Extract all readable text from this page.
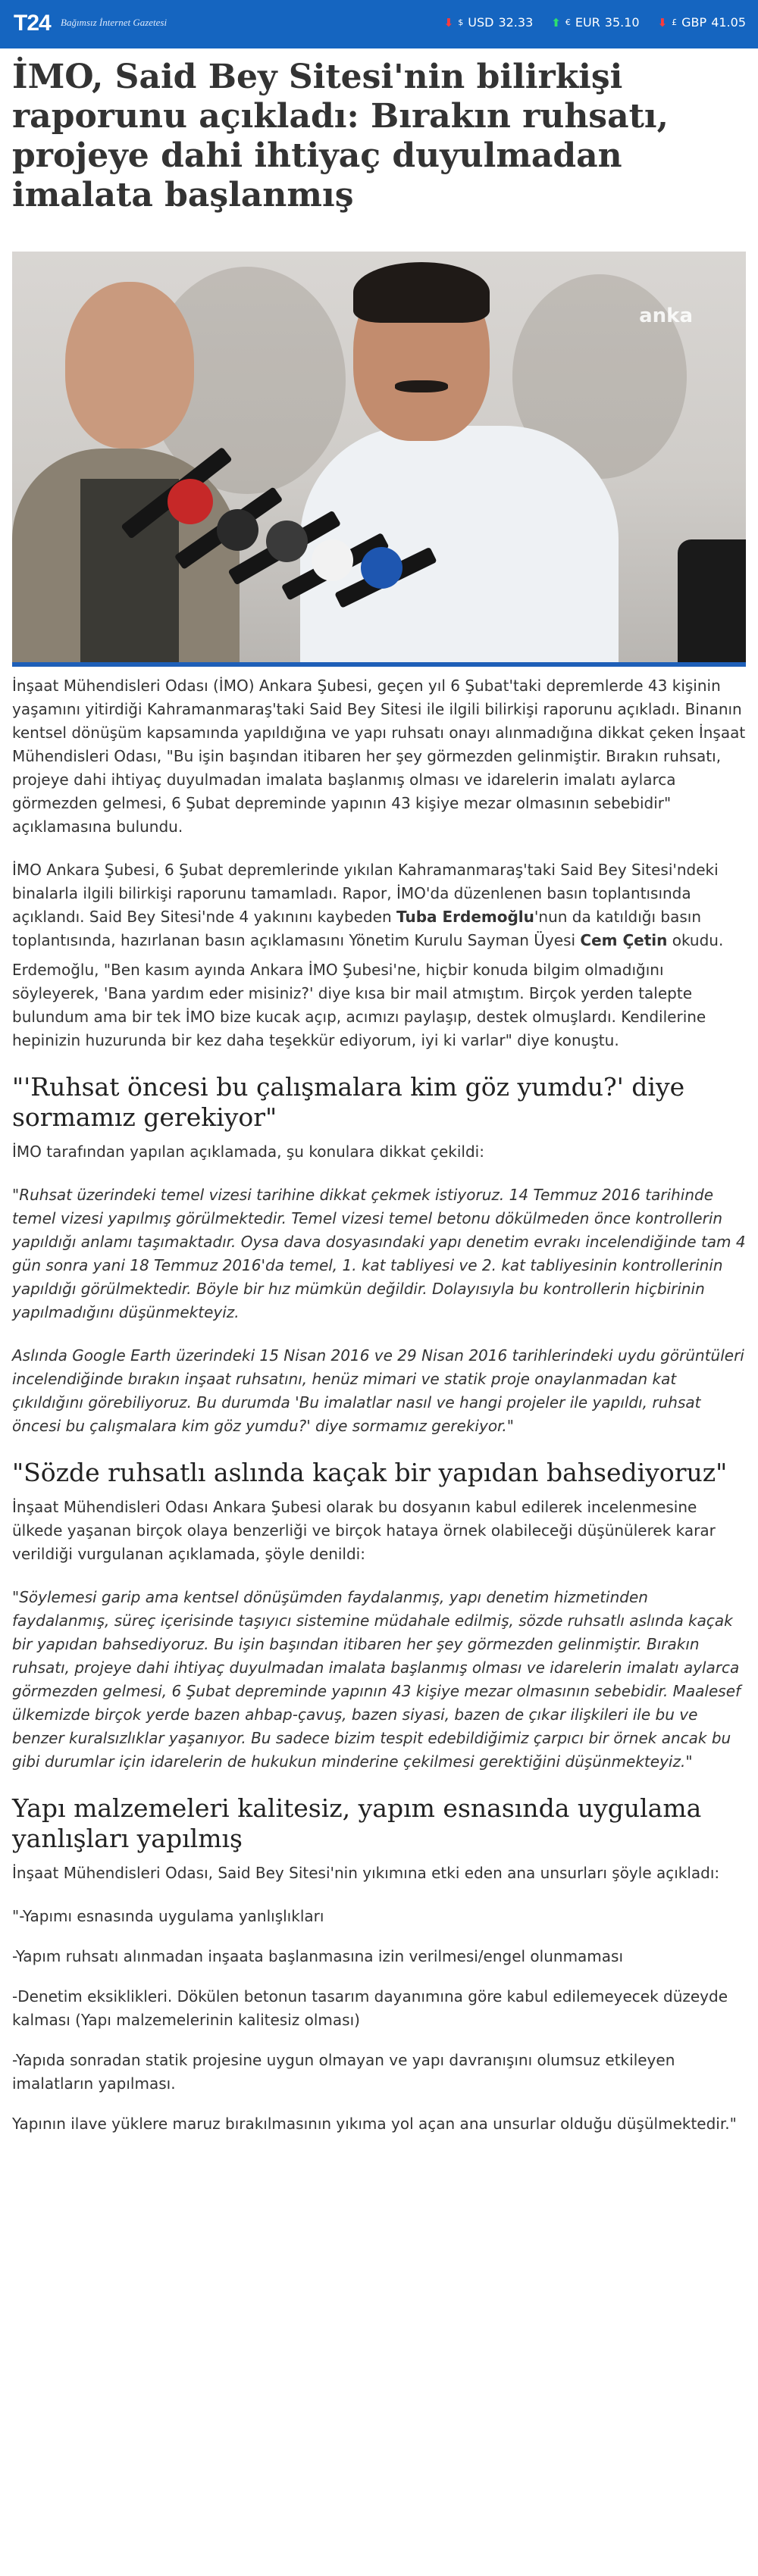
T24 Bağımsız İnternet Gazetesi	⬇ $ USD 32.33 ⬆ € EUR 35.10 ⬇ £ GBP 41.05
İMO, Said Bey Sitesi'nin bilirkişi raporunu açıkladı: Bırakın ruhsatı, projeye dahi ihtiyaç duyulmadan imalata başlanmış
anka

İnşaat Mühendisleri Odası (İMO) Ankara Şubesi, geçen yıl 6 Şubat'taki depremlerde 43 kişinin yaşamını yitirdiği Kahramanmaraş'taki Said Bey Sitesi ile ilgili bilirkişi raporunu açıkladı. Binanın kentsel dönüşüm kapsamında yapıldığına ve yapı ruhsatı onayı alınmadığına dikkat çeken İnşaat Mühendisleri Odası, "Bu işin başından itibaren her şey görmezden gelinmiştir. Bırakın ruhsatı, projeye dahi ihtiyaç duyulmadan imalata başlanmış olması ve idarelerin imalatı aylarca görmezden gelmesi, 6 Şubat depreminde yapının 43 kişiye mezar olmasının sebebidir" açıklamasına bulundu.

İMO Ankara Şubesi, 6 Şubat depremlerinde yıkılan Kahramanmaraş'taki Said Bey Sitesi'ndeki binalarla ilgili bilirkişi raporunu tamamladı. Rapor, İMO'da düzenlenen basın toplantısında açıklandı. Said Bey Sitesi'nde 4 yakınını kaybeden Tuba Erdemoğlu'nun da katıldığı basın toplantısında, hazırlanan basın açıklamasını Yönetim Kurulu Sayman Üyesi Cem Çetin okudu.

Erdemoğlu, "Ben kasım ayında Ankara İMO Şubesi'ne, hiçbir konuda bilgim olmadığını söyleyerek, 'Bana yardım eder misiniz?' diye kısa bir mail atmıştım. Birçok yerden talepte bulundum ama bir tek İMO bize kucak açıp, acımızı paylaşıp, destek olmuşlardı. Kendilerine hepinizin huzurunda bir kez daha teşekkür ediyorum, iyi ki varlar" diye konuştu.

"'Ruhsat öncesi bu çalışmalara kim göz yumdu?' diye sormamız gerekiyor"

İMO tarafından yapılan açıklamada, şu konulara dikkat çekildi:

"Ruhsat üzerindeki temel vizesi tarihine dikkat çekmek istiyoruz. 14 Temmuz 2016 tarihinde temel vizesi yapılmış görülmektedir. Temel vizesi temel betonu dökülmeden önce kontrollerin yapıldığı anlamı taşımaktadır. Oysa dava dosyasındaki yapı denetim evrakı incelendiğinde tam 4 gün sonra yani 18 Temmuz 2016'da temel, 1. kat tabliyesi ve 2. kat tabliyesinin kontrollerinin yapıldığı görülmektedir. Böyle bir hız mümkün değildir. Dolayısıyla bu kontrollerin hiçbirinin yapılmadığını düşünmekteyiz.

Aslında Google Earth üzerindeki 15 Nisan 2016 ve 29 Nisan 2016 tarihlerindeki uydu görüntüleri incelendiğinde bırakın inşaat ruhsatını, henüz mimari ve statik proje onaylanmadan kat çıkıldığını görebiliyoruz. Bu durumda 'Bu imalatlar nasıl ve hangi projeler ile yapıldı, ruhsat öncesi bu çalışmalara kim göz yumdu?' diye sormamız gerekiyor."

"Sözde ruhsatlı aslında kaçak bir yapıdan bahsediyoruz"

İnşaat Mühendisleri Odası Ankara Şubesi olarak bu dosyanın kabul edilerek incelenmesine ülkede yaşanan birçok olaya benzerliği ve birçok hataya örnek olabileceği düşünülerek karar verildiği vurgulanan açıklamada, şöyle denildi:

"Söylemesi garip ama kentsel dönüşümden faydalanmış, yapı denetim hizmetinden faydalanmış, süreç içerisinde taşıyıcı sistemine müdahale edilmiş, sözde ruhsatlı aslında kaçak bir yapıdan bahsediyoruz. Bu işin başından itibaren her şey görmezden gelinmiştir. Bırakın ruhsatı, projeye dahi ihtiyaç duyulmadan imalata başlanmış olması ve idarelerin imalatı aylarca görmezden gelmesi, 6 Şubat depreminde yapının 43 kişiye mezar olmasının sebebidir. Maalesef ülkemizde birçok yerde bazen ahbap-çavuş, bazen siyasi, bazen de çıkar ilişkileri ile bu ve benzer kuralsızlıklar yaşanıyor. Bu sadece bizim tespit edebildiğimiz çarpıcı bir örnek ancak bu gibi durumlar için idarelerin de hukukun minderine çekilmesi gerektiğini düşünmekteyiz."

Yapı malzemeleri kalitesiz, yapım esnasında uygulama yanlışları yapılmış

İnşaat Mühendisleri Odası, Said Bey Sitesi'nin yıkımına etki eden ana unsurları şöyle açıkladı:

"-Yapımı esnasında uygulama yanlışlıkları

-Yapım ruhsatı alınmadan inşaata başlanmasına izin verilmesi/engel olunmaması

-Denetim eksiklikleri. Dökülen betonun tasarım dayanımına göre kabul edilemeyecek düzeyde kalması (Yapı malzemelerinin kalitesiz olması)

-Yapıda sonradan statik projesine uygun olmayan ve yapı davranışını olumsuz etkileyen imalatların yapılması.

Yapının ilave yüklere maruz bırakılmasının yıkıma yol açan ana unsurlar olduğu düşülmektedir."
